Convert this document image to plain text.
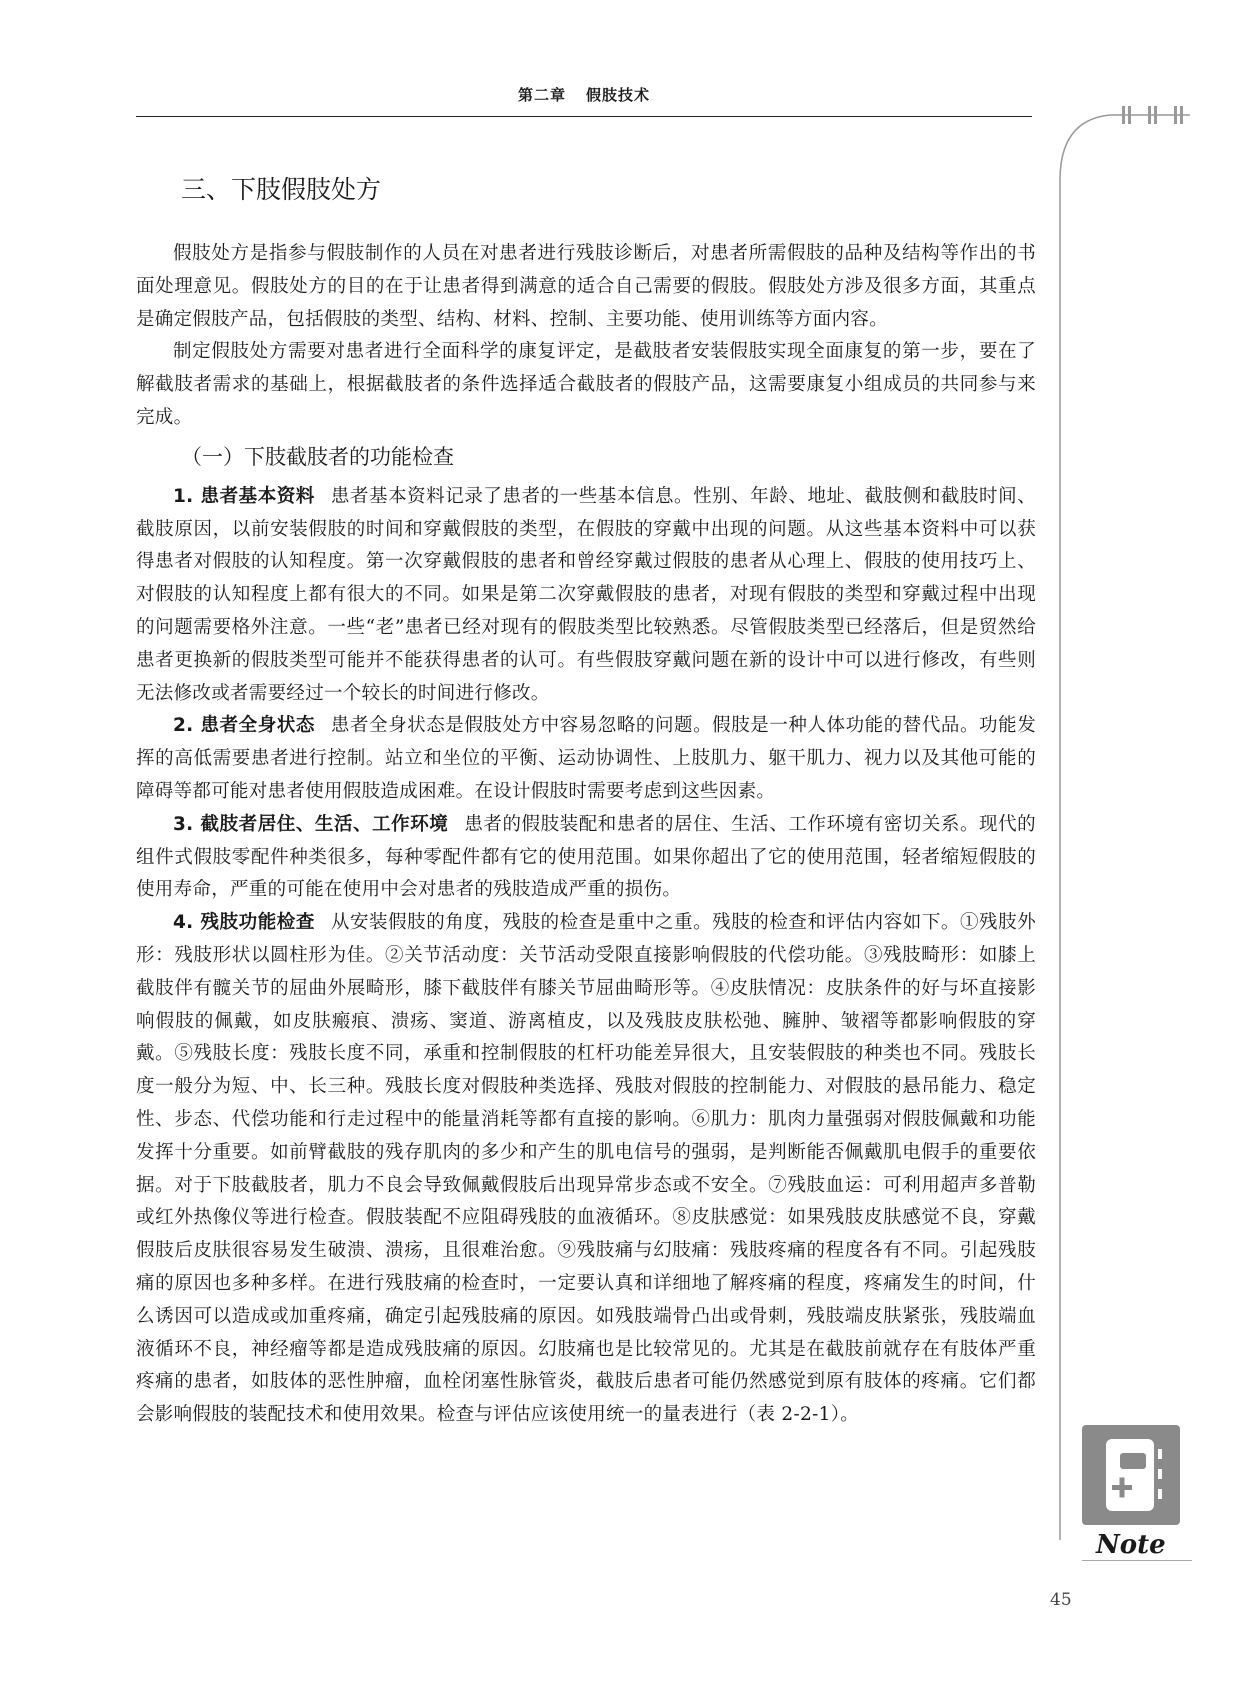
第二章 假肢技术
Note
45
三、下肢假肢处方

假肢处方是指参与假肢制作的人员在对患者进行残肢诊断后，对患者所需假肢的品种及结构等作出的书面处理意见。假肢处方的目的在于让患者得到满意的适合自己需要的假肢。假肢处方涉及很多方面，其重点是确定假肢产品，包括假肢的类型、结构、材料、控制、主要功能、使用训练等方面内容。

制定假肢处方需要对患者进行全面科学的康复评定，是截肢者安装假肢实现全面康复的第一步，要在了解截肢者需求的基础上，根据截肢者的条件选择适合截肢者的假肢产品，这需要康复小组成员的共同参与来完成。

（一）下肢截肢者的功能检查

1. 患者基本资料 患者基本资料记录了患者的一些基本信息。性别、年龄、地址、截肢侧和截肢时间、截肢原因，以前安装假肢的时间和穿戴假肢的类型，在假肢的穿戴中出现的问题。从这些基本资料中可以获得患者对假肢的认知程度。第一次穿戴假肢的患者和曾经穿戴过假肢的患者从心理上、假肢的使用技巧上、对假肢的认知程度上都有很大的不同。如果是第二次穿戴假肢的患者，对现有假肢的类型和穿戴过程中出现的问题需要格外注意。一些“老”患者已经对现有的假肢类型比较熟悉。尽管假肢类型已经落后，但是贸然给患者更换新的假肢类型可能并不能获得患者的认可。有些假肢穿戴问题在新的设计中可以进行修改，有些则无法修改或者需要经过一个较长的时间进行修改。

2. 患者全身状态 患者全身状态是假肢处方中容易忽略的问题。假肢是一种人体功能的替代品。功能发挥的高低需要患者进行控制。站立和坐位的平衡、运动协调性、上肢肌力、躯干肌力、视力以及其他可能的障碍等都可能对患者使用假肢造成困难。在设计假肢时需要考虑到这些因素。

3. 截肢者居住、生活、工作环境 患者的假肢装配和患者的居住、生活、工作环境有密切关系。现代的组件式假肢零配件种类很多，每种零配件都有它的使用范围。如果你超出了它的使用范围，轻者缩短假肢的使用寿命，严重的可能在使用中会对患者的残肢造成严重的损伤。

4. 残肢功能检查 从安装假肢的角度，残肢的检查是重中之重。残肢的检查和评估内容如下。①残肢外形：残肢形状以圆柱形为佳。②关节活动度：关节活动受限直接影响假肢的代偿功能。③残肢畸形：如膝上截肢伴有髋关节的屈曲外展畸形，膝下截肢伴有膝关节屈曲畸形等。④皮肤情况：皮肤条件的好与坏直接影响假肢的佩戴，如皮肤瘢痕、溃疡、窦道、游离植皮，以及残肢皮肤松弛、臃肿、皱褶等都影响假肢的穿戴。⑤残肢长度：残肢长度不同，承重和控制假肢的杠杆功能差异很大，且安装假肢的种类也不同。残肢长度一般分为短、中、长三种。残肢长度对假肢种类选择、残肢对假肢的控制能力、对假肢的悬吊能力、稳定性、步态、代偿功能和行走过程中的能量消耗等都有直接的影响。⑥肌力：肌肉力量强弱对假肢佩戴和功能发挥十分重要。如前臂截肢的残存肌肉的多少和产生的肌电信号的强弱，是判断能否佩戴肌电假手的重要依据。对于下肢截肢者，肌力不良会导致佩戴假肢后出现异常步态或不安全。⑦残肢血运：可利用超声多普勒或红外热像仪等进行检查。假肢装配不应阻碍残肢的血液循环。⑧皮肤感觉：如果残肢皮肤感觉不良，穿戴假肢后皮肤很容易发生破溃、溃疡，且很难治愈。⑨残肢痛与幻肢痛：残肢疼痛的程度各有不同。引起残肢痛的原因也多种多样。在进行残肢痛的检查时，一定要认真和详细地了解疼痛的程度，疼痛发生的时间，什么诱因可以造成或加重疼痛，确定引起残肢痛的原因。如残肢端骨凸出或骨刺，残肢端皮肤紧张，残肢端血液循环不良，神经瘤等都是造成残肢痛的原因。幻肢痛也是比较常见的。尤其是在截肢前就存在有肢体严重疼痛的患者，如肢体的恶性肿瘤，血栓闭塞性脉管炎，截肢后患者可能仍然感觉到原有肢体的疼痛。它们都会影响假肢的装配技术和使用效果。检查与评估应该使用统一的量表进行（表 2-2-1）。
